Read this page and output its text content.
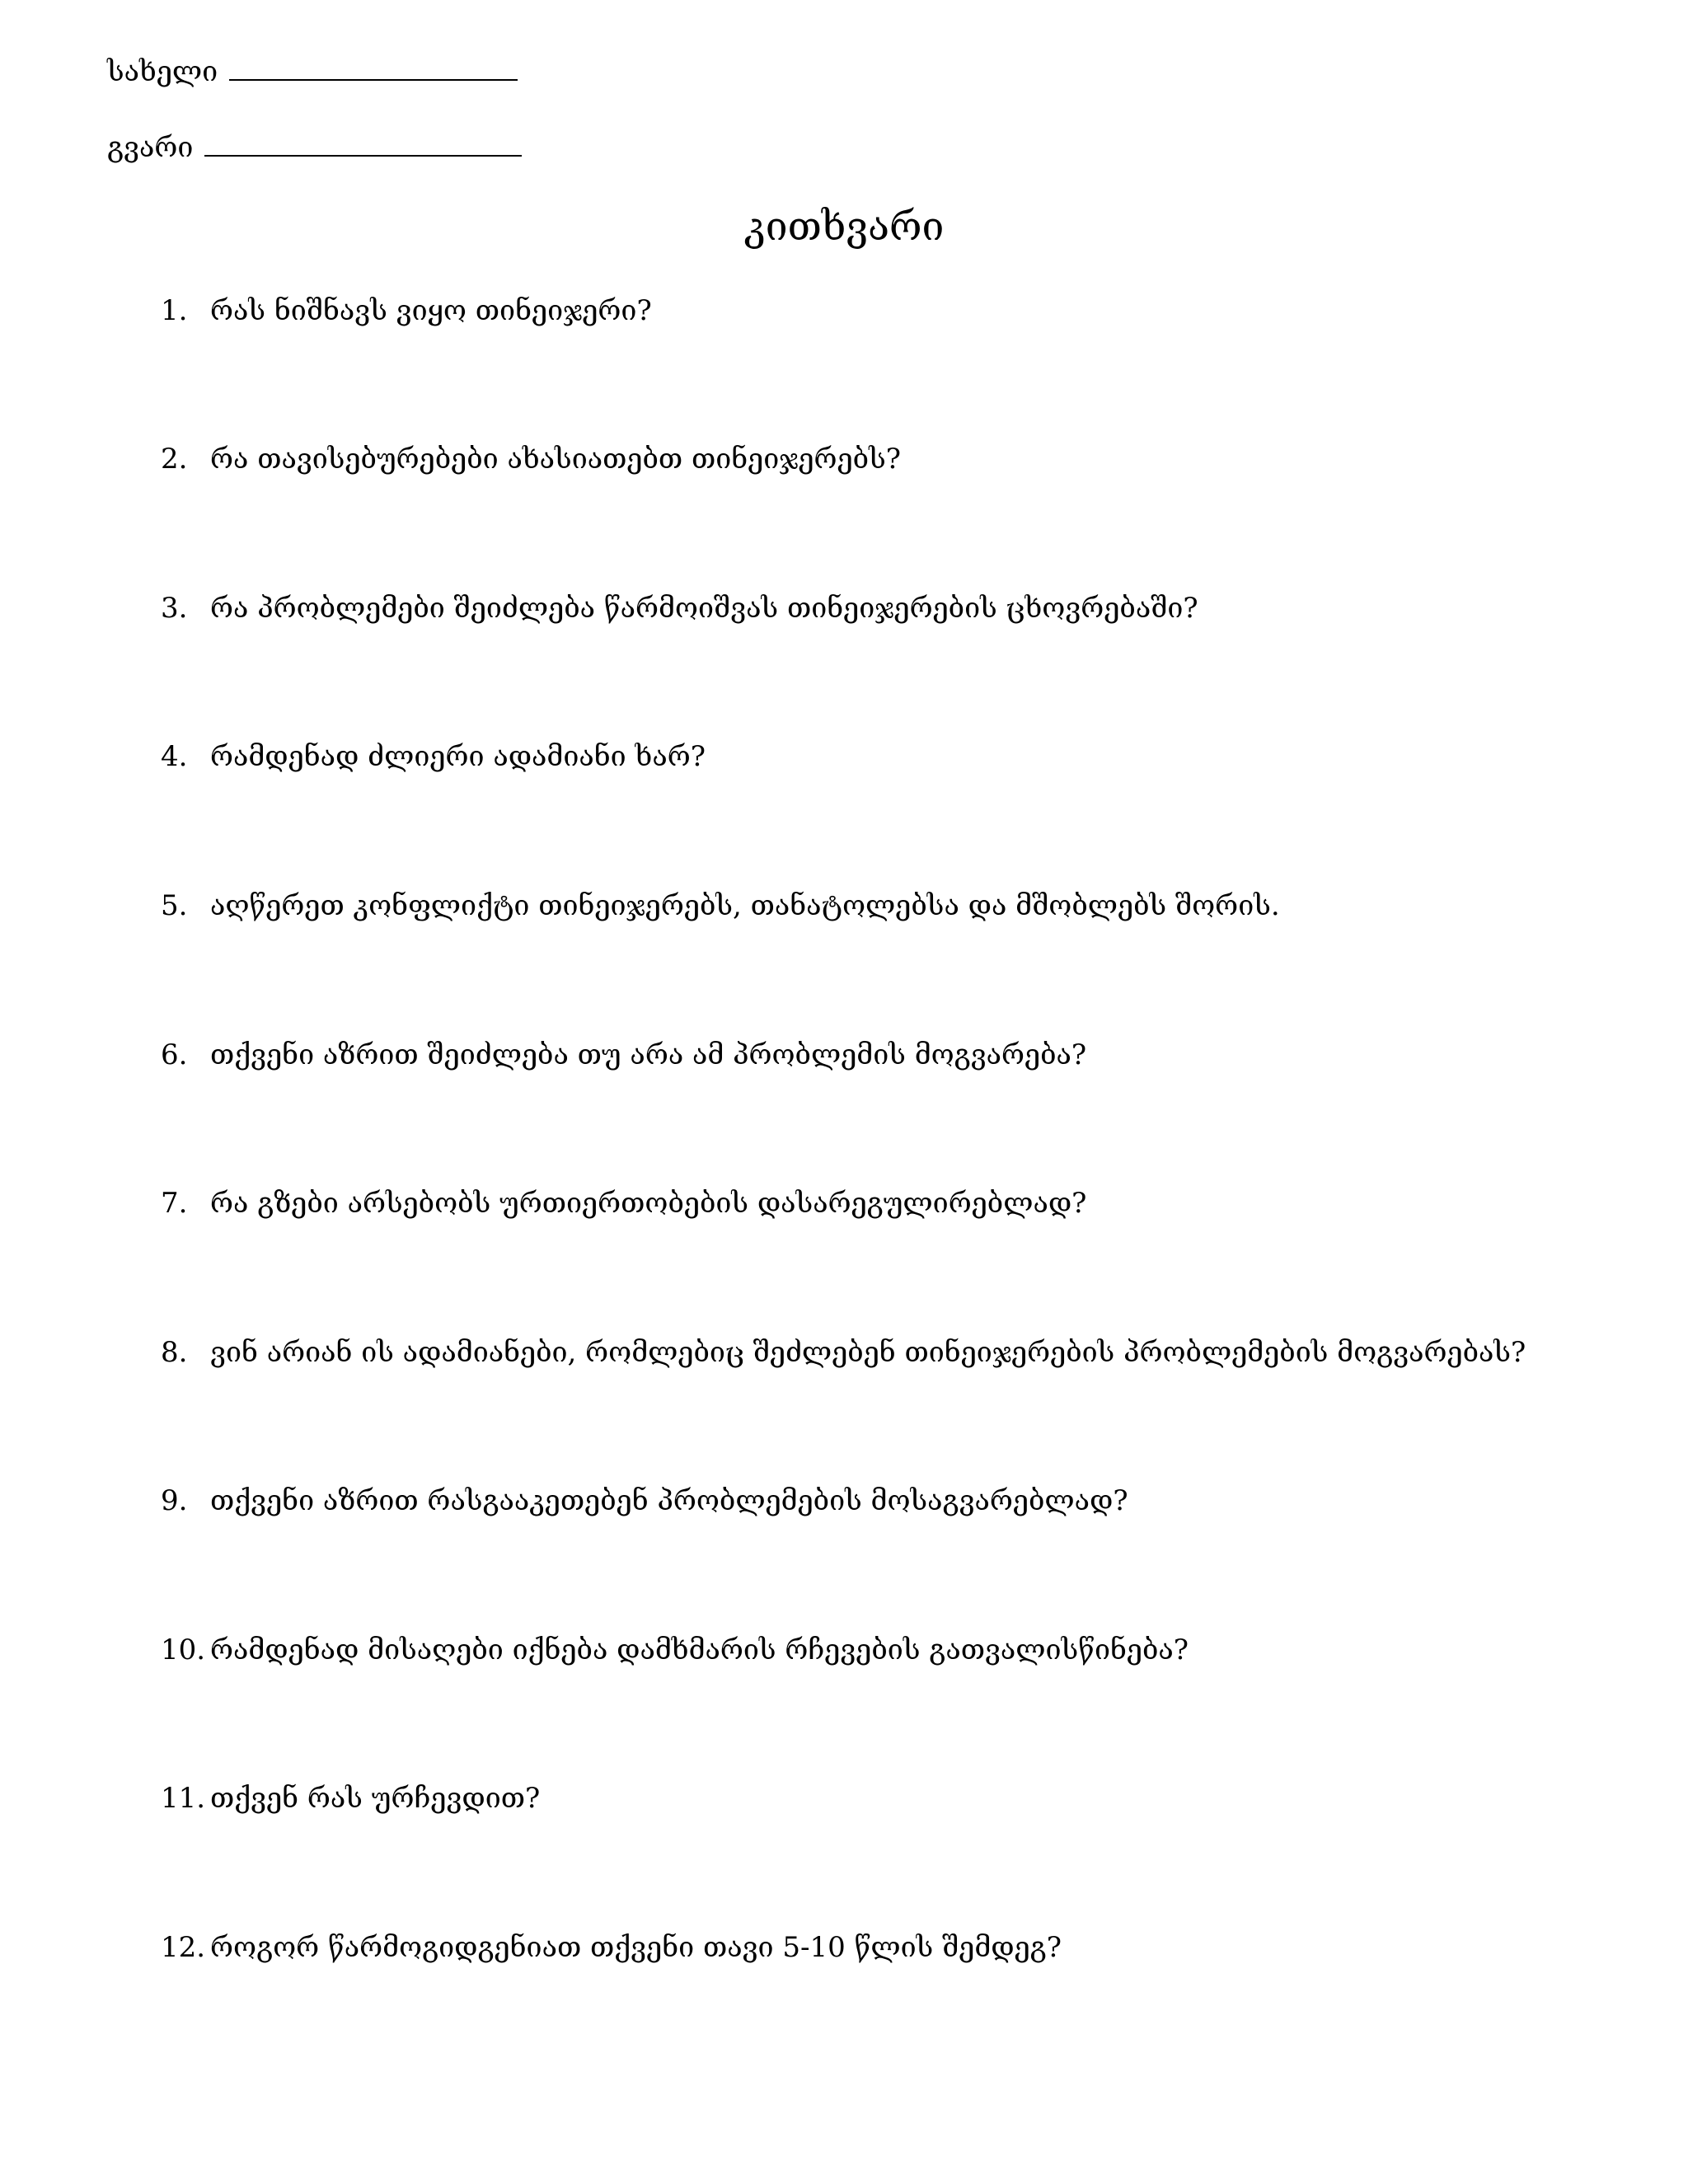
სახელი
გვარი
კითხვარი
1. რას ნიშნავს ვიყო თინეიჯერი?
2. რა თავისებურებები ახასიათებთ თინეიჯერებს?
3. რა პრობლემები შეიძლება წარმოიშვას თინეიჯერების ცხოვრებაში?
4. რამდენად ძლიერი ადამიანი ხარ?
5. აღწერეთ კონფლიქტი თინეიჯერებს, თანატოლებსა და მშობლებს შორის.
6. თქვენი აზრით შეიძლება თუ არა ამ პრობლემის მოგვარება?
7. რა გზები არსებობს ურთიერთობების დასარეგულირებლად?
8. ვინ არიან ის ადამიანები, რომლებიც შეძლებენ თინეიჯერების პრობლემების მოგვარებას?
9. თქვენი აზრით რასგააკეთებენ პრობლემების მოსაგვარებლად?
10. რამდენად მისაღები იქნება დამხმარის რჩევების გათვალისწინება?
11. თქვენ რას ურჩევდით?
12. როგორ წარმოგიდგენიათ თქვენი თავი 5-10 წლის შემდეგ?
